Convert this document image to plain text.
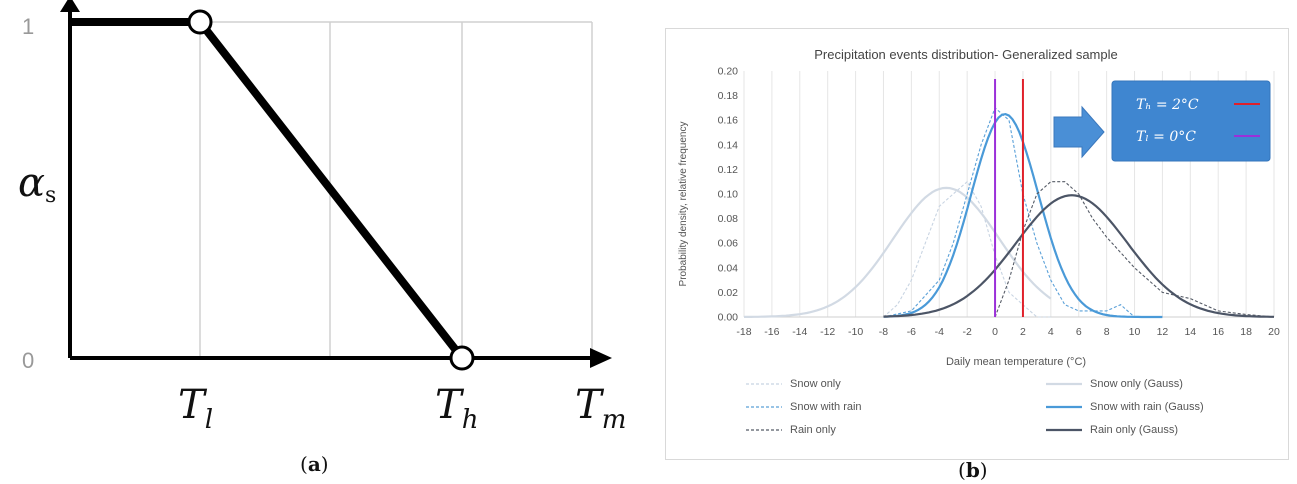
1
0
αs
$T_l$	$T_h$ $T_m$
(a)
Precipitation events distribution- Generalized sample
Probability density, relative frequency
Daily mean temperature (°C)
-18 -16 -14 -12 -10 -8 -6 -4 -2 0 2 4 6 8 10 12 14 16 18 20
0.00
0.02
0.04
0.06
0.08
0.10
0.12
0.14
0.16
0.18
0.20
Tₕ = 2°C
Tₗ = 0°C
Snow only	Snow only (Gauss)
Snow with rain	Snow with rain (Gauss)
Rain only	Rain only (Gauss)
(b)
